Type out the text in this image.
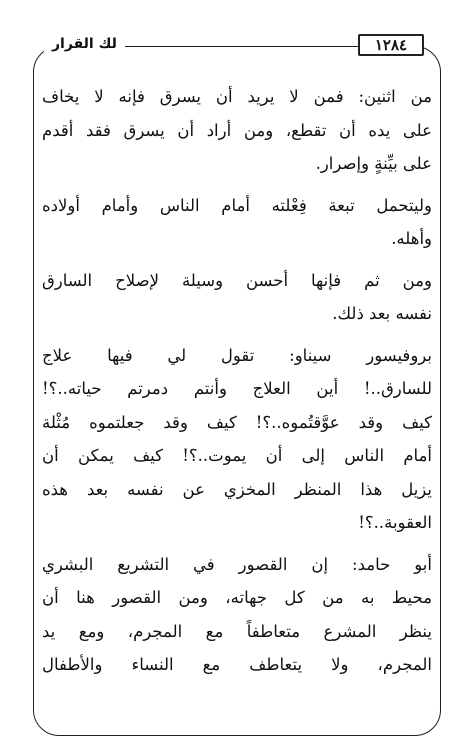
لك القرار	١٢٨٤
من اثنين: فمن لا يريد أن يسرق فإنه لا يخاف
على يده أن تقطع، ومن أراد أن يسرق فقد أقدم
على بيِّنةٍ وإصرار.
وليتحمل تبعة فِعْلته أمام الناس وأمام أولاده
وأهله.
ومن ثم فإنها أحسن وسيلة لإصلاح السارق
نفسه بعد ذلك.
بروفيسور سيناو: تقول لي فيها علاج
للسارق..! أين العلاج وأنتم دمرتم حياته..؟!
كيف وقد عوَّقتُموه..؟! كيف وقد جعلتموه مُثْلة
أمام الناس إلى أن يموت..؟! كيف يمكن أن
يزيل هذا المنظر المخزي عن نفسه بعد هذه
العقوبة..؟!
أبو حامد: إن القصور في التشريع البشري
محيط به من كل جهاته، ومن القصور هنا أن
ينظر المشرع متعاطفاً مع المجرم، ومع يد
المجرم، ولا يتعاطف مع النساء والأطفال
